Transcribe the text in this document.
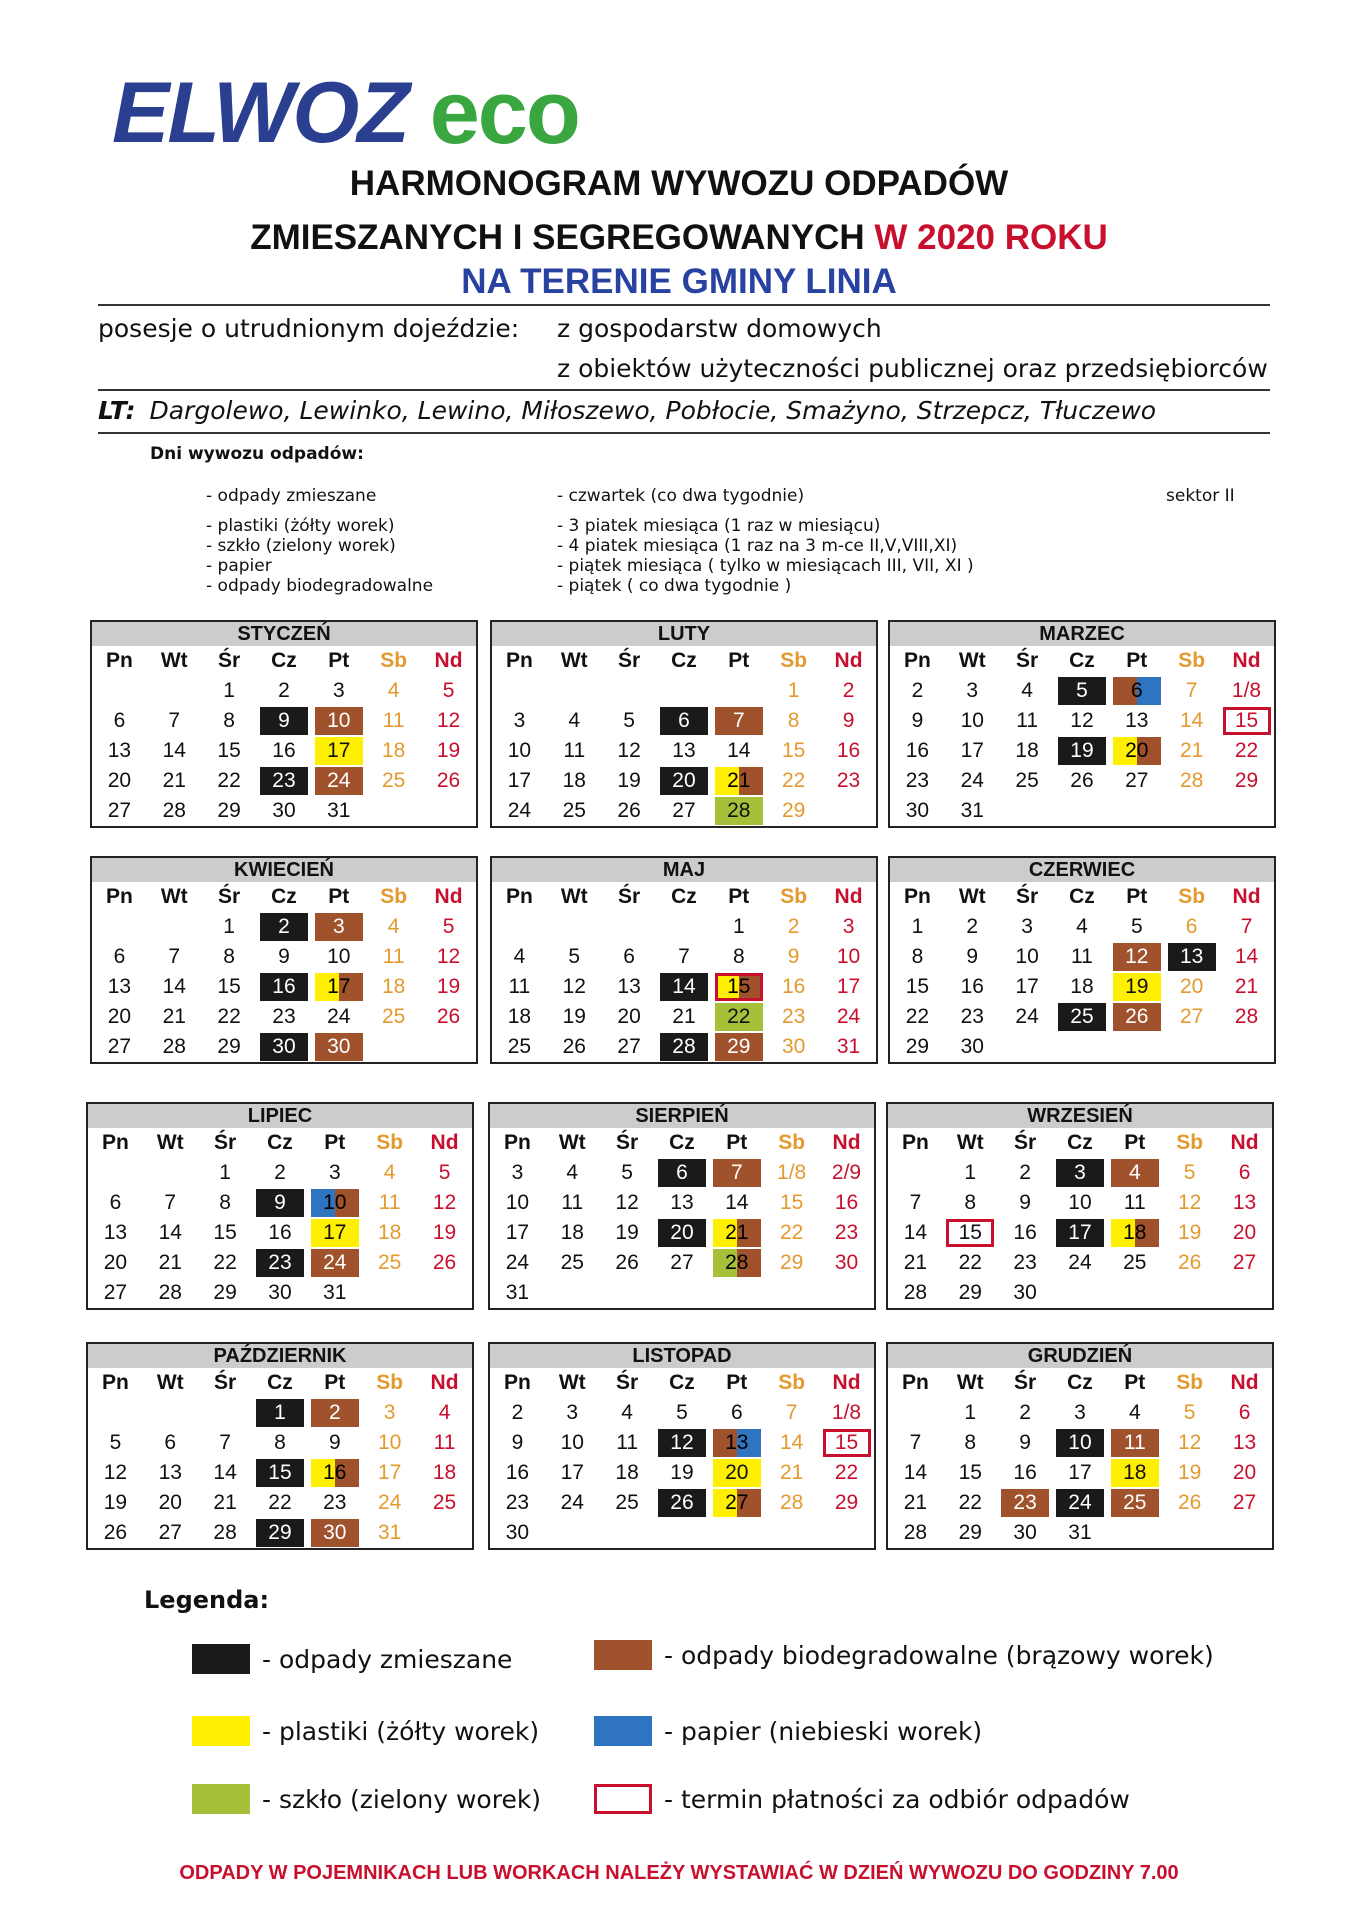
ELWOZ eco
HARMONOGRAM WYWOZU ODPADÓW
ZMIESZANYCH I SEGREGOWANYCH W 2020 ROKU
NA TERENIE GMINY LINIA
posesje o utrudnionym dojeździe: z gospodarstw domowych
z obiektów użyteczności publicznej oraz przedsiębiorców
LT: Dargolewo, Lewinko, Lewino, Miłoszewo, Pobłocie, Smażyno, Strzepcz, Tłuczewo
Dni wywozu odpadów:
- odpady zmieszane
- plastiki (żółty worek)
- szkło (zielony worek)
- papier
- odpady biodegradowalne
- czwartek (co dwa tygodnie)
- 3 piatek miesiąca (1 raz w miesiącu)
- 4 piatek miesiąca (1 raz na 3 m-ce II,V,VIII,XI)
- piątek miesiąca ( tylko w miesiącach III, VII, XI )
- piątek ( co dwa tygodnie )
sektor II
STYCZEŃ
Pn	Wt	Śr	Cz	Pt	Sb	Nd
		1	2	3	4	5
6	7	8	9	10	11	12
13	14	15	16	17	18	19
20	21	22	23	24	25	26
27	28	29	30	31		
LUTY
Pn	Wt	Śr	Cz	Pt	Sb	Nd
					1	2
3	4	5	6	7	8	9
10	11	12	13	14	15	16
17	18	19	20	21	22	23
24	25	26	27	28	29	
MARZEC
Pn	Wt	Śr	Cz	Pt	Sb	Nd
2	3	4	5	6	7	1/8
9	10	11	12	13	14	15
16	17	18	19	20	21	22
23	24	25	26	27	28	29
30	31					
KWIECIEŃ
Pn	Wt	Śr	Cz	Pt	Sb	Nd
		1	2	3	4	5
6	7	8	9	10	11	12
13	14	15	16	17	18	19
20	21	22	23	24	25	26
27	28	29	30	30		
MAJ
Pn	Wt	Śr	Cz	Pt	Sb	Nd
				1	2	3
4	5	6	7	8	9	10
11	12	13	14	15	16	17
18	19	20	21	22	23	24
25	26	27	28	29	30	31
CZERWIEC
Pn	Wt	Śr	Cz	Pt	Sb	Nd
1	2	3	4	5	6	7
8	9	10	11	12	13	14
15	16	17	18	19	20	21
22	23	24	25	26	27	28
29	30					
LIPIEC
Pn	Wt	Śr	Cz	Pt	Sb	Nd
		1	2	3	4	5
6	7	8	9	10	11	12
13	14	15	16	17	18	19
20	21	22	23	24	25	26
27	28	29	30	31		
SIERPIEŃ
Pn	Wt	Śr	Cz	Pt	Sb	Nd
3	4	5	6	7	1/8	2/9
10	11	12	13	14	15	16
17	18	19	20	21	22	23
24	25	26	27	28	29	30
31						
WRZESIEŃ
Pn	Wt	Śr	Cz	Pt	Sb	Nd
	1	2	3	4	5	6
7	8	9	10	11	12	13
14	15	16	17	18	19	20
21	22	23	24	25	26	27
28	29	30				
PAŹDZIERNIK
Pn	Wt	Śr	Cz	Pt	Sb	Nd
			1	2	3	4
5	6	7	8	9	10	11
12	13	14	15	16	17	18
19	20	21	22	23	24	25
26	27	28	29	30	31	
LISTOPAD
Pn	Wt	Śr	Cz	Pt	Sb	Nd
2	3	4	5	6	7	1/8
9	10	11	12	13	14	15
16	17	18	19	20	21	22
23	24	25	26	27	28	29
30						
GRUDZIEŃ
Pn	Wt	Śr	Cz	Pt	Sb	Nd
	1	2	3	4	5	6
7	8	9	10	11	12	13
14	15	16	17	18	19	20
21	22	23	24	25	26	27
28	29	30	31			
Legenda:
- odpady zmieszane
- plastiki (żółty worek)
- szkło (zielony worek)
- odpady biodegradowalne (brązowy worek)
- papier (niebieski worek)
- termin płatności za odbiór odpadów
ODPADY W POJEMNIKACH LUB WORKACH NALEŻY WYSTAWIAĆ W DZIEŃ WYWOZU DO GODZINY 7.00
